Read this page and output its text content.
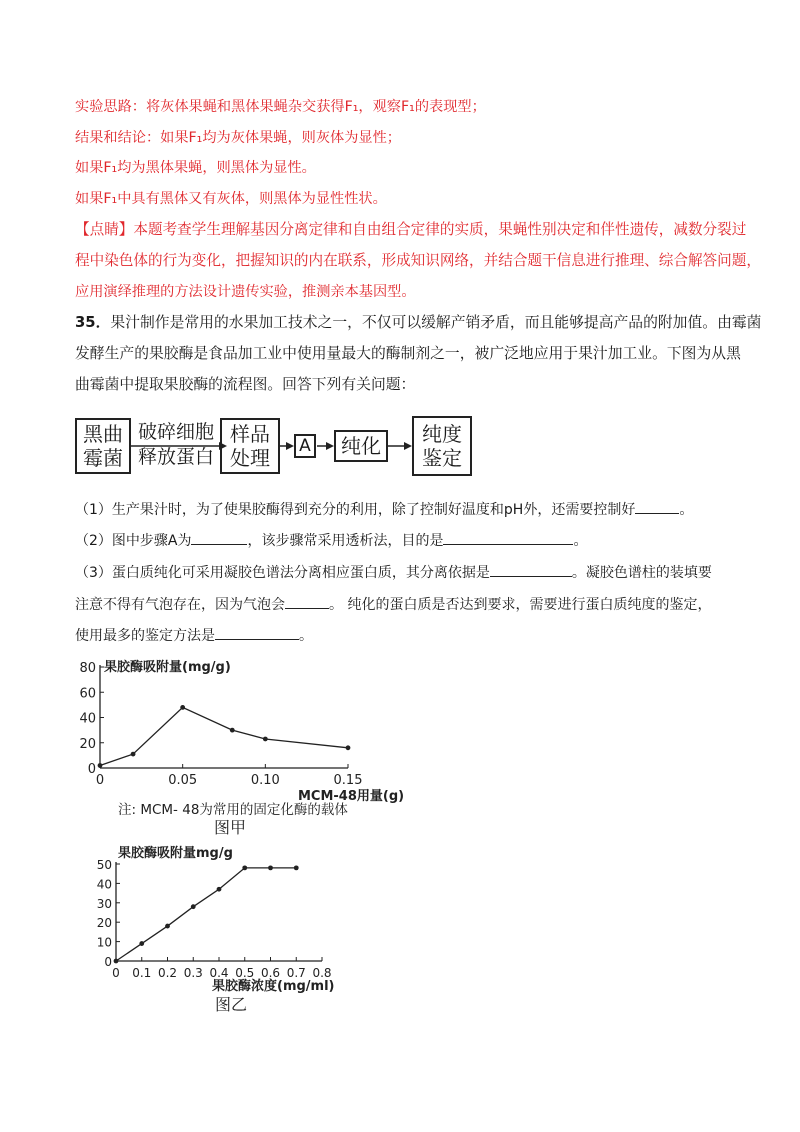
实验思路：将灰体果蝇和黑体果蝇杂交获得F₁，观察F₁的表现型；
结果和结论：如果F₁均为灰体果蝇，则灰体为显性；
如果F₁均为黑体果蝇，则黑体为显性。
如果F₁中具有黑体又有灰体，则黑体为显性性状。
【点睛】本题考查学生理解基因分离定律和自由组合定律的实质，果蝇性别决定和伴性遗传，减数分裂过
程中染色体的行为变化，把握知识的内在联系，形成知识网络，并结合题干信息进行推理、综合解答问题，
应用演绎推理的方法设计遗传实验，推测亲本基因型。
35．果汁制作是常用的水果加工技术之一，不仅可以缓解产销矛盾，而且能够提高产品的附加值。由霉菌
发酵生产的果胶酶是食品加工业中使用量最大的酶制剂之一，被广泛地应用于果汁加工业。下图为从黑
曲霉菌中提取果胶酶的流程图。回答下列有关问题：
黑曲
霉菌
破碎细胞
释放蛋白
样品
处理 A 纯化 纯度
鉴定
（1）生产果汁时，为了使果胶酶得到充分的利用，除了控制好温度和pH外，还需要控制好	。
（2）图中步骤A为	，该步骤常采用透析法，目的是	。
（3）蛋白质纯化可采用凝胶色谱法分离相应蛋白质，其分离依据是	。凝胶色谱柱的装填要
注意不得有气泡存在，因为气泡会	。 纯化的蛋白质是否达到要求，需要进行蛋白质纯度的鉴定，
使用最多的鉴定方法是	。
0
20
40
60
80
0	0.05	0.10	0.15
果胶酶吸附量(mg/g)
MCM-48用量(g)
注: MCM- 48为常用的固定化酶的载体
图甲
0
10
20
30
40
50
0 0.1 0.2 0.3 0.4 0.5 0.6 0.7 0.8
果胶酶吸附量mg/g
果胶酶浓度(mg/ml)
图乙
